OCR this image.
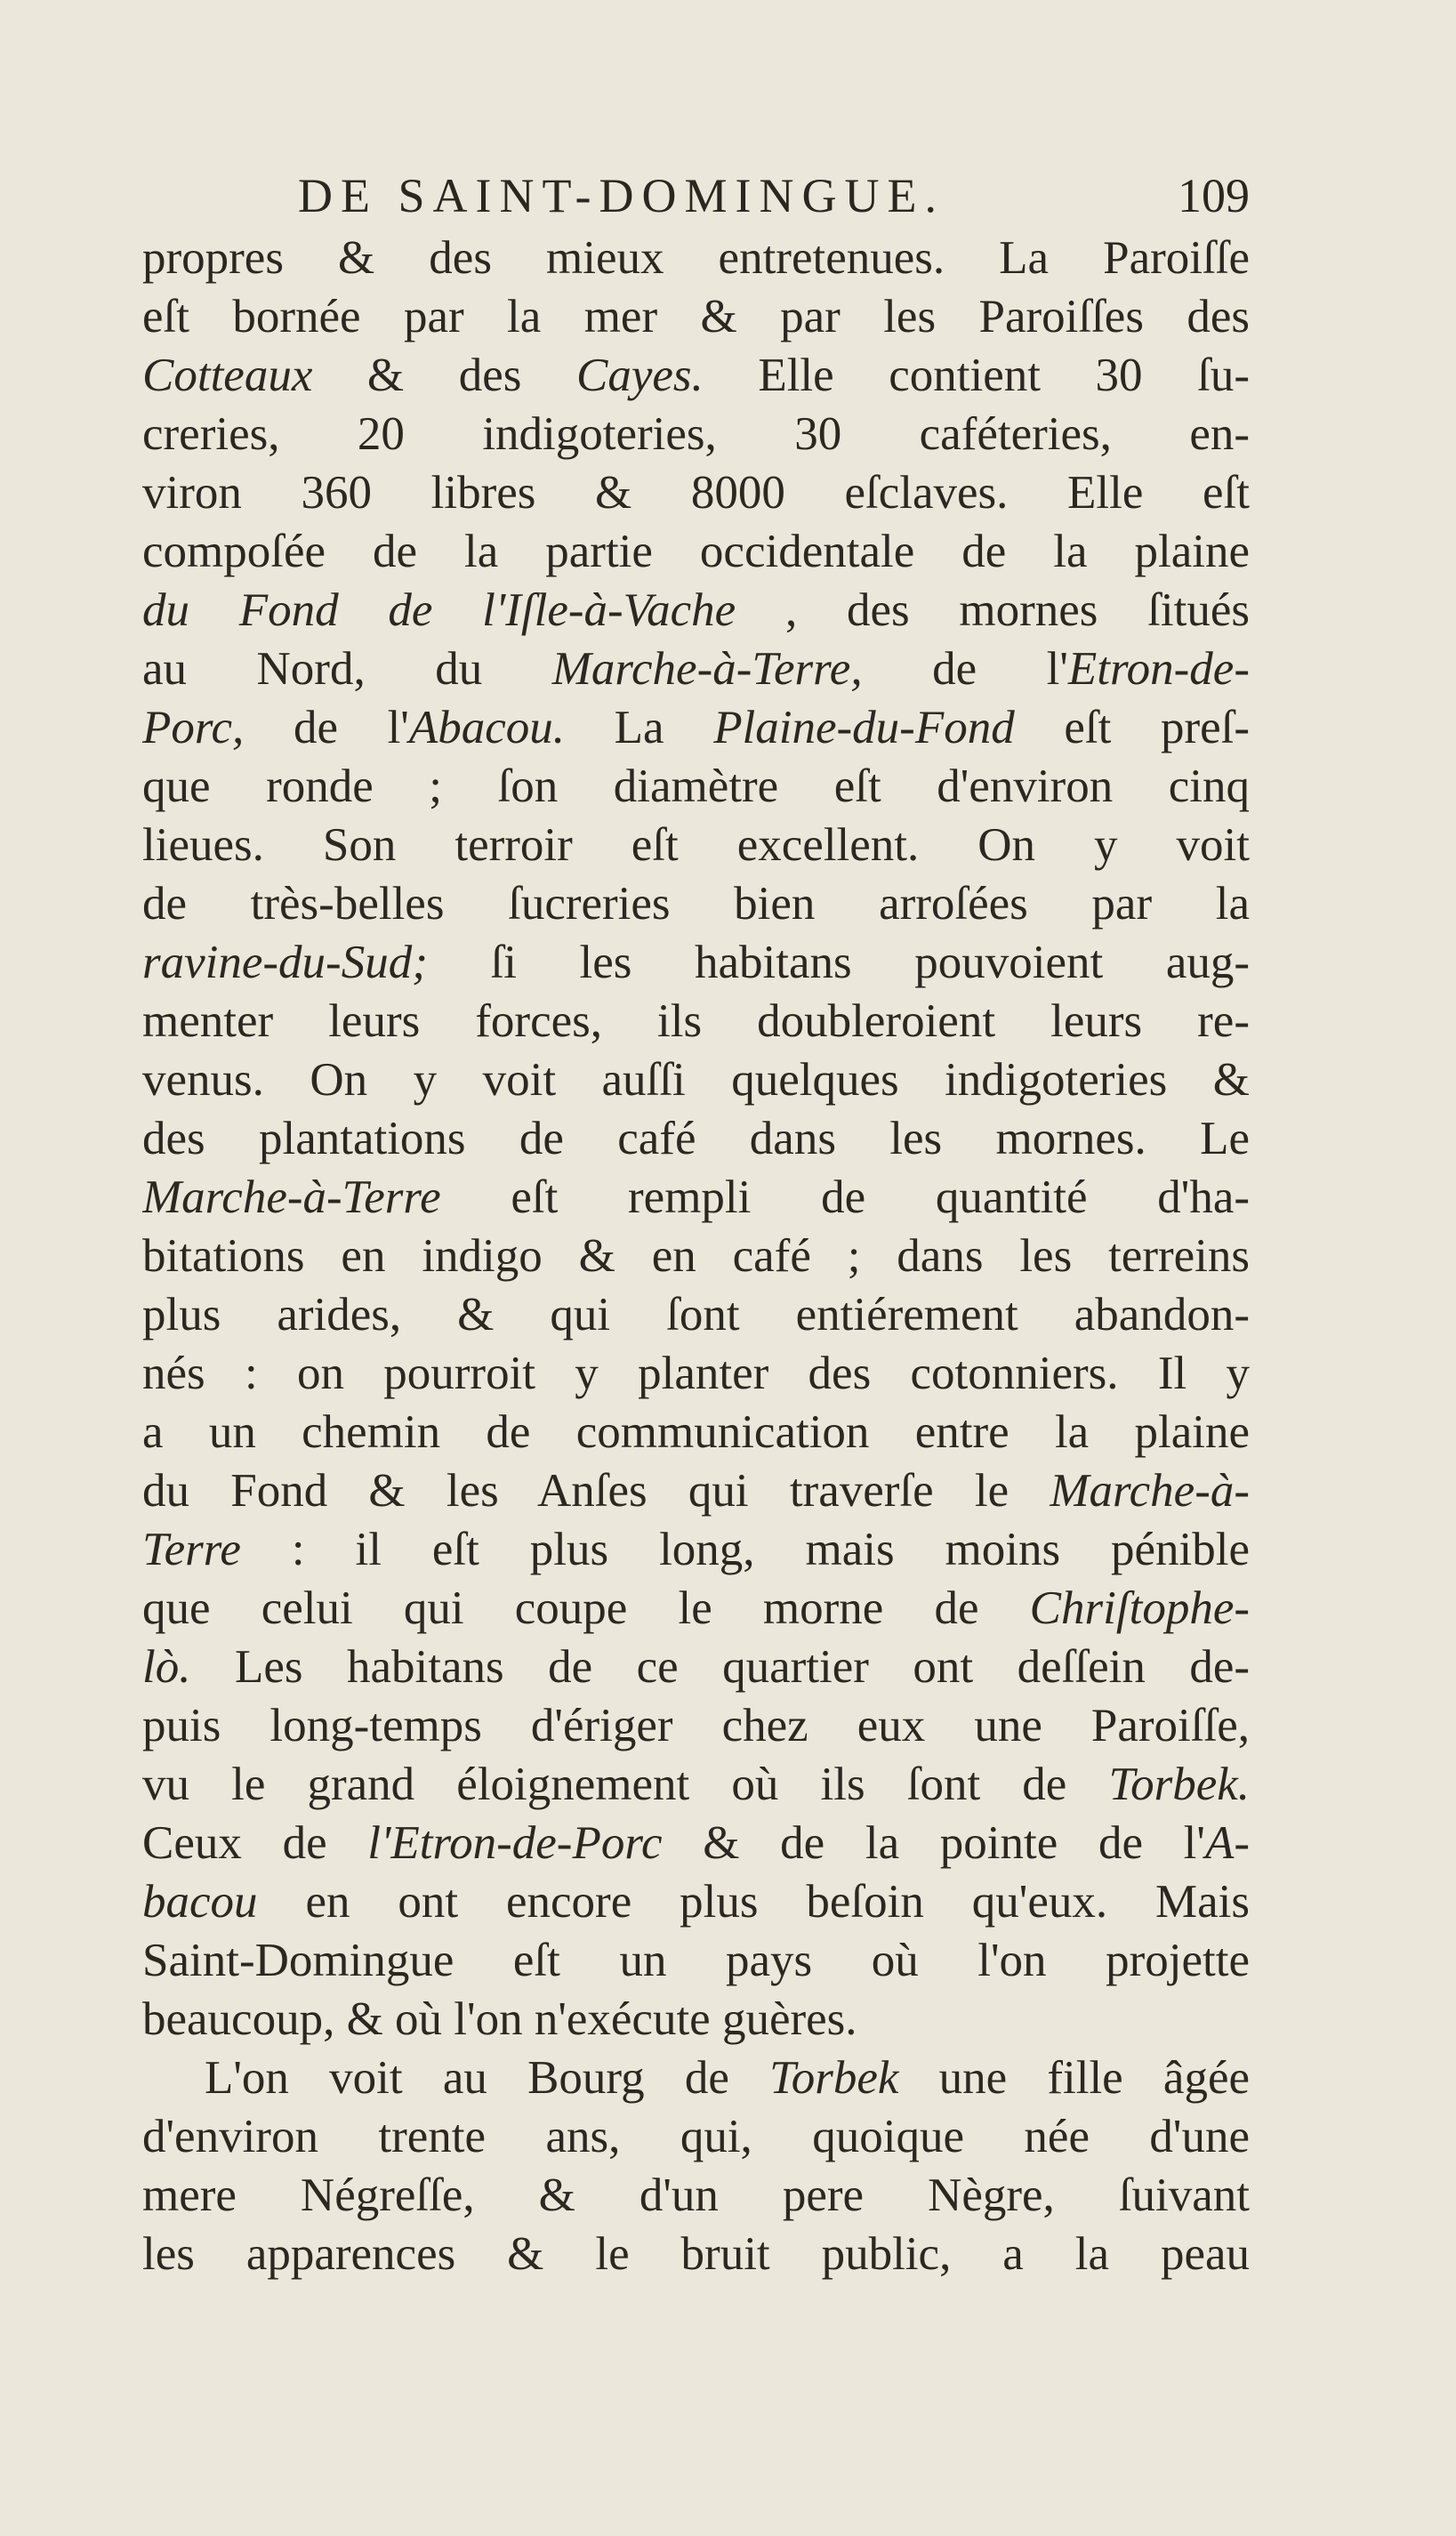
DE SAINT-DOMINGUE.	109
propres & des mieux entretenues. La Paroiſſe
eſt bornée par la mer & par les Paroiſſes des
Cotteaux & des Cayes. Elle contient 30 ſu-
creries, 20 indigoteries, 30 caféteries, en-
viron 360 libres & 8000 eſclaves. Elle eſt
compoſée de la partie occidentale de la plaine
du Fond de l'Iſle-à-Vache , des mornes ſitués
au Nord, du Marche-à-Terre, de l'Etron-de-
Porc, de l'Abacou. La Plaine-du-Fond eſt preſ-
que ronde ; ſon diamètre eſt d'environ cinq
lieues. Son terroir eſt excellent. On y voit
de très-belles ſucreries bien arroſées par la
ravine-du-Sud; ſi les habitans pouvoient aug-
menter leurs forces, ils doubleroient leurs re-
venus. On y voit auſſi quelques indigoteries &
des plantations de café dans les mornes. Le
Marche-à-Terre eſt rempli de quantité d'ha-
bitations en indigo & en café ; dans les terreins
plus arides, & qui ſont entiérement abandon-
nés : on pourroit y planter des cotonniers. Il y
a un chemin de communication entre la plaine
du Fond & les Anſes qui traverſe le Marche-à-
Terre : il eſt plus long, mais moins pénible
que celui qui coupe le morne de Chriſtophe-
lò. Les habitans de ce quartier ont deſſein de-
puis long-temps d'ériger chez eux une Paroiſſe,
vu le grand éloignement où ils ſont de Torbek.
Ceux de l'Etron-de-Porc & de la pointe de l'A-
bacou en ont encore plus beſoin qu'eux. Mais
Saint-Domingue eſt un pays où l'on projette
beaucoup, & où l'on n'exécute guères.
L'on voit au Bourg de Torbek une fille âgée
d'environ trente ans, qui, quoique née d'une
mere Négreſſe, & d'un pere Nègre, ſuivant
les apparences & le bruit public, a la peau
